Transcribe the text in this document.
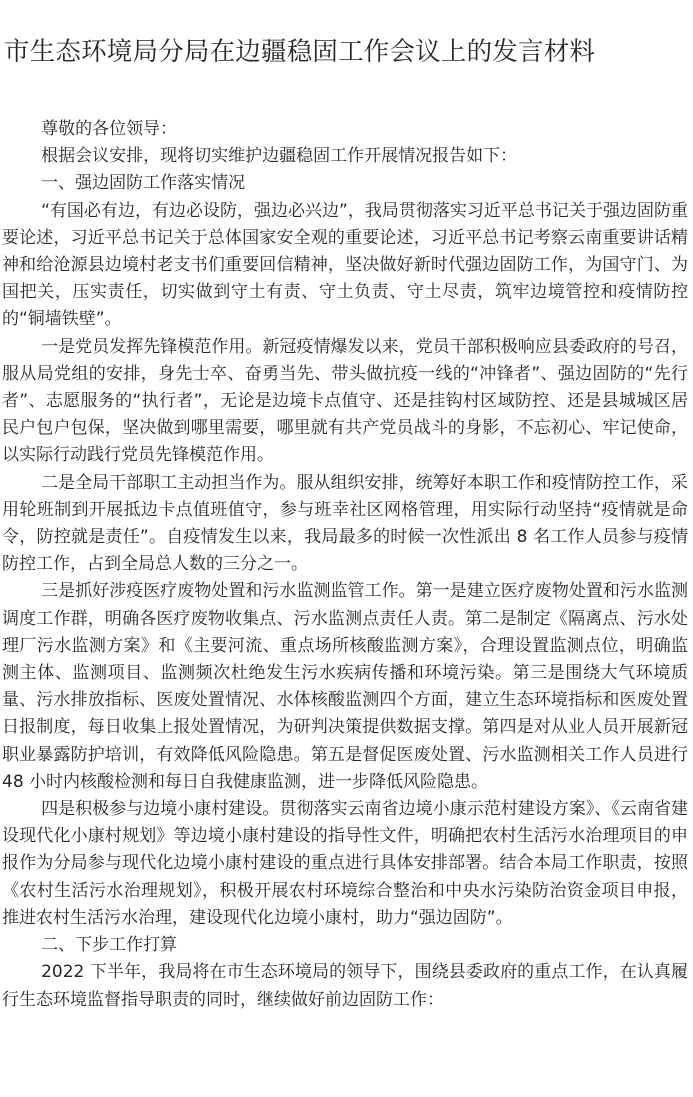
市生态环境局分局在边疆稳固工作会议上的发言材料

尊敬的各位领导：

根据会议安排，现将切实维护边疆稳固工作开展情况报告如下：

一、强边固防工作落实情况

“有国必有边，有边必设防，强边必兴边”，我局贯彻落实习近平总书记关于强边固防重要论述，习近平总书记关于总体国家安全观的重要论述，习近平总书记考察云南重要讲话精神和给沧源县边境村老支书们重要回信精神，坚决做好新时代强边固防工作，为国守门、为国把关，压实责任，切实做到守土有责、守土负责、守土尽责，筑牢边境管控和疫情防控的“铜墙铁壁”。

一是党员发挥先锋模范作用。新冠疫情爆发以来，党员干部积极响应县委政府的号召，服从局党组的安排，身先士卒、奋勇当先、带头做抗疫一线的“冲锋者”、强边固防的“先行者”、志愿服务的“执行者”，无论是边境卡点值守、还是挂钩村区域防控、还是县城城区居民户包户包保，坚决做到哪里需要，哪里就有共产党员战斗的身影，不忘初心、牢记使命，以实际行动践行党员先锋模范作用。

二是全局干部职工主动担当作为。服从组织安排，统筹好本职工作和疫情防控工作，采用轮班制到开展抵边卡点值班值守，参与班幸社区网格管理，用实际行动坚持“疫情就是命令，防控就是责任”。自疫情发生以来，我局最多的时候一次性派出 8 名工作人员参与疫情防控工作，占到全局总人数的三分之一。

三是抓好涉疫医疗废物处置和污水监测监管工作。第一是建立医疗废物处置和污水监测调度工作群，明确各医疗废物收集点、污水监测点责任人责。第二是制定《隔离点、污水处理厂污水监测方案》和《主要河流、重点场所核酸监测方案》，合理设置监测点位，明确监测主体、监测项目、监测频次杜绝发生污水疾病传播和环境污染。第三是围绕大气环境质量、污水排放指标、医废处置情况、水体核酸监测四个方面，建立生态环境指标和医废处置日报制度，每日收集上报处置情况，为研判决策提供数据支撑。第四是对从业人员开展新冠职业暴露防护培训，有效降低风险隐患。第五是督促医废处置、污水监测相关工作人员进行 48 小时内核酸检测和每日自我健康监测，进一步降低风险隐患。

四是积极参与边境小康村建设。贯彻落实云南省边境小康示范村建设方案》、《云南省建设现代化小康村规划》等边境小康村建设的指导性文件，明确把农村生活污水治理项目的申报作为分局参与现代化边境小康村建设的重点进行具体安排部署。结合本局工作职责，按照《农村生活污水治理规划》，积极开展农村环境综合整治和中央水污染防治资金项目申报，推进农村生活污水治理，建设现代化边境小康村，助力“强边固防”。

二、下步工作打算

2022 下半年，我局将在市生态环境局的领导下，围绕县委政府的重点工作，在认真履行生态环境监督指导职责的同时，继续做好前边固防工作：
